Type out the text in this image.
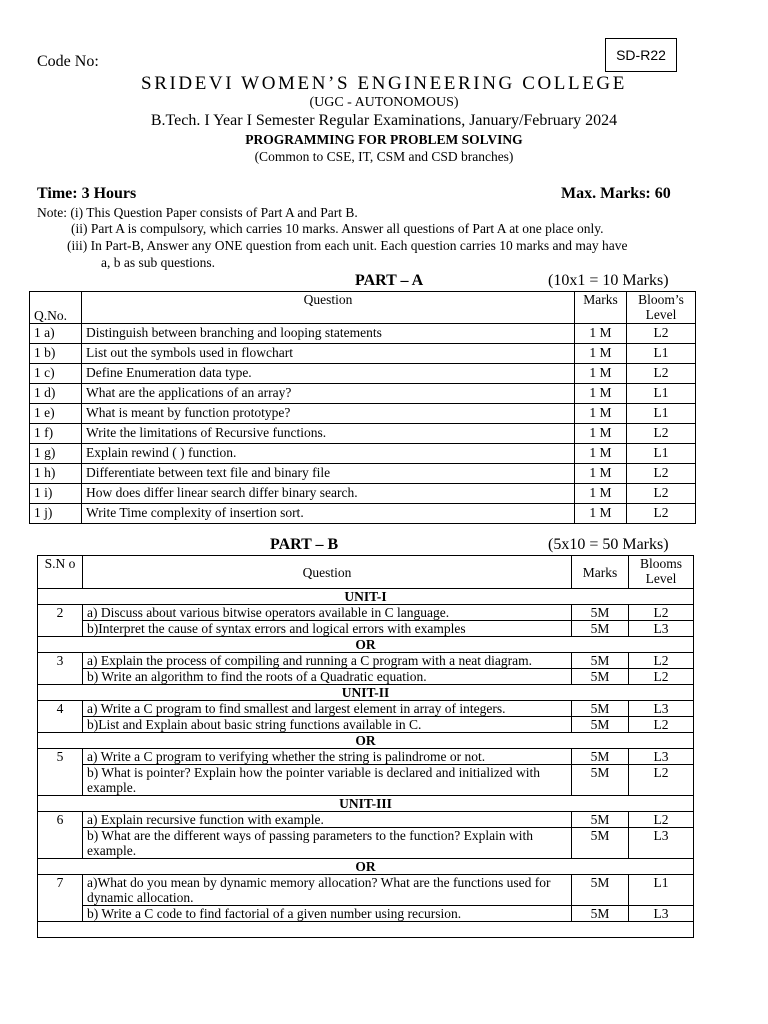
Code No:	SD-R22
SRIDEVI WOMEN’S ENGINEERING COLLEGE
(UGC - AUTONOMOUS)
B.Tech. I Year I Semester Regular Examinations, January/February 2024
PROGRAMMING FOR PROBLEM SOLVING
(Common to CSE, IT, CSM and CSD branches)
Time: 3 Hours	Max. Marks: 60
Note: (i) This Question Paper consists of Part A and Part B.
(ii) Part A is compulsory, which carries 10 marks. Answer all questions of Part A at one place only.
(iii) In Part-B, Answer any ONE question from each unit. Each question carries 10 marks and may have
a, b as sub questions.
PART – A	(10x1 = 10 Marks)
Q.No.	Question	Marks	Bloom’s Level
1 a)	Distinguish between branching and looping statements	1 M	L2
1 b)	List out the symbols used in flowchart	1 M	L1
1 c)	Define Enumeration data type.	1 M	L2
1 d)	What are the applications of an array?	1 M	L1
1 e)	What is meant by function prototype?	1 M	L1
1 f)	Write the limitations of Recursive functions.	1 M	L2
1 g)	Explain rewind ( ) function.	1 M	L1
1 h)	Differentiate between text file and binary file	1 M	L2
1 i)	How does differ linear search differ binary search.	1 M	L2
1 j)	Write Time complexity of insertion sort.	1 M	L2
PART – B	(5x10 = 50 Marks)
S.N o	Question	Marks	Blooms Level
UNIT-I			
2	a) Discuss about various bitwise operators available in C language.	5M	L2
	b)Interpret the cause of syntax errors and logical errors with examples	5M	L3
OR			
3	a) Explain the process of compiling and running a C program with a neat diagram.	5M	L2
	b) Write an algorithm to find the roots of a Quadratic equation.	5M	L2
UNIT-II			
4	a) Write a C program to find smallest and largest element in array of integers.	5M	L3
	b)List and Explain about basic string functions available in C.	5M	L2
OR			
5	a) Write a C program to verifying whether the string is palindrome or not.	5M	L3
	b) What is pointer? Explain how the pointer variable is declared and initialized with example.	5M	L2
UNIT-III			
6	a) Explain recursive function with example.	5M	L2
	b) What are the different ways of passing parameters to the function? Explain with example.	5M	L3
OR			
7	a)What do you mean by dynamic memory allocation? What are the functions used for dynamic allocation.	5M	L1
	b) Write a C code to find factorial of a given number using recursion.	5M	L3
